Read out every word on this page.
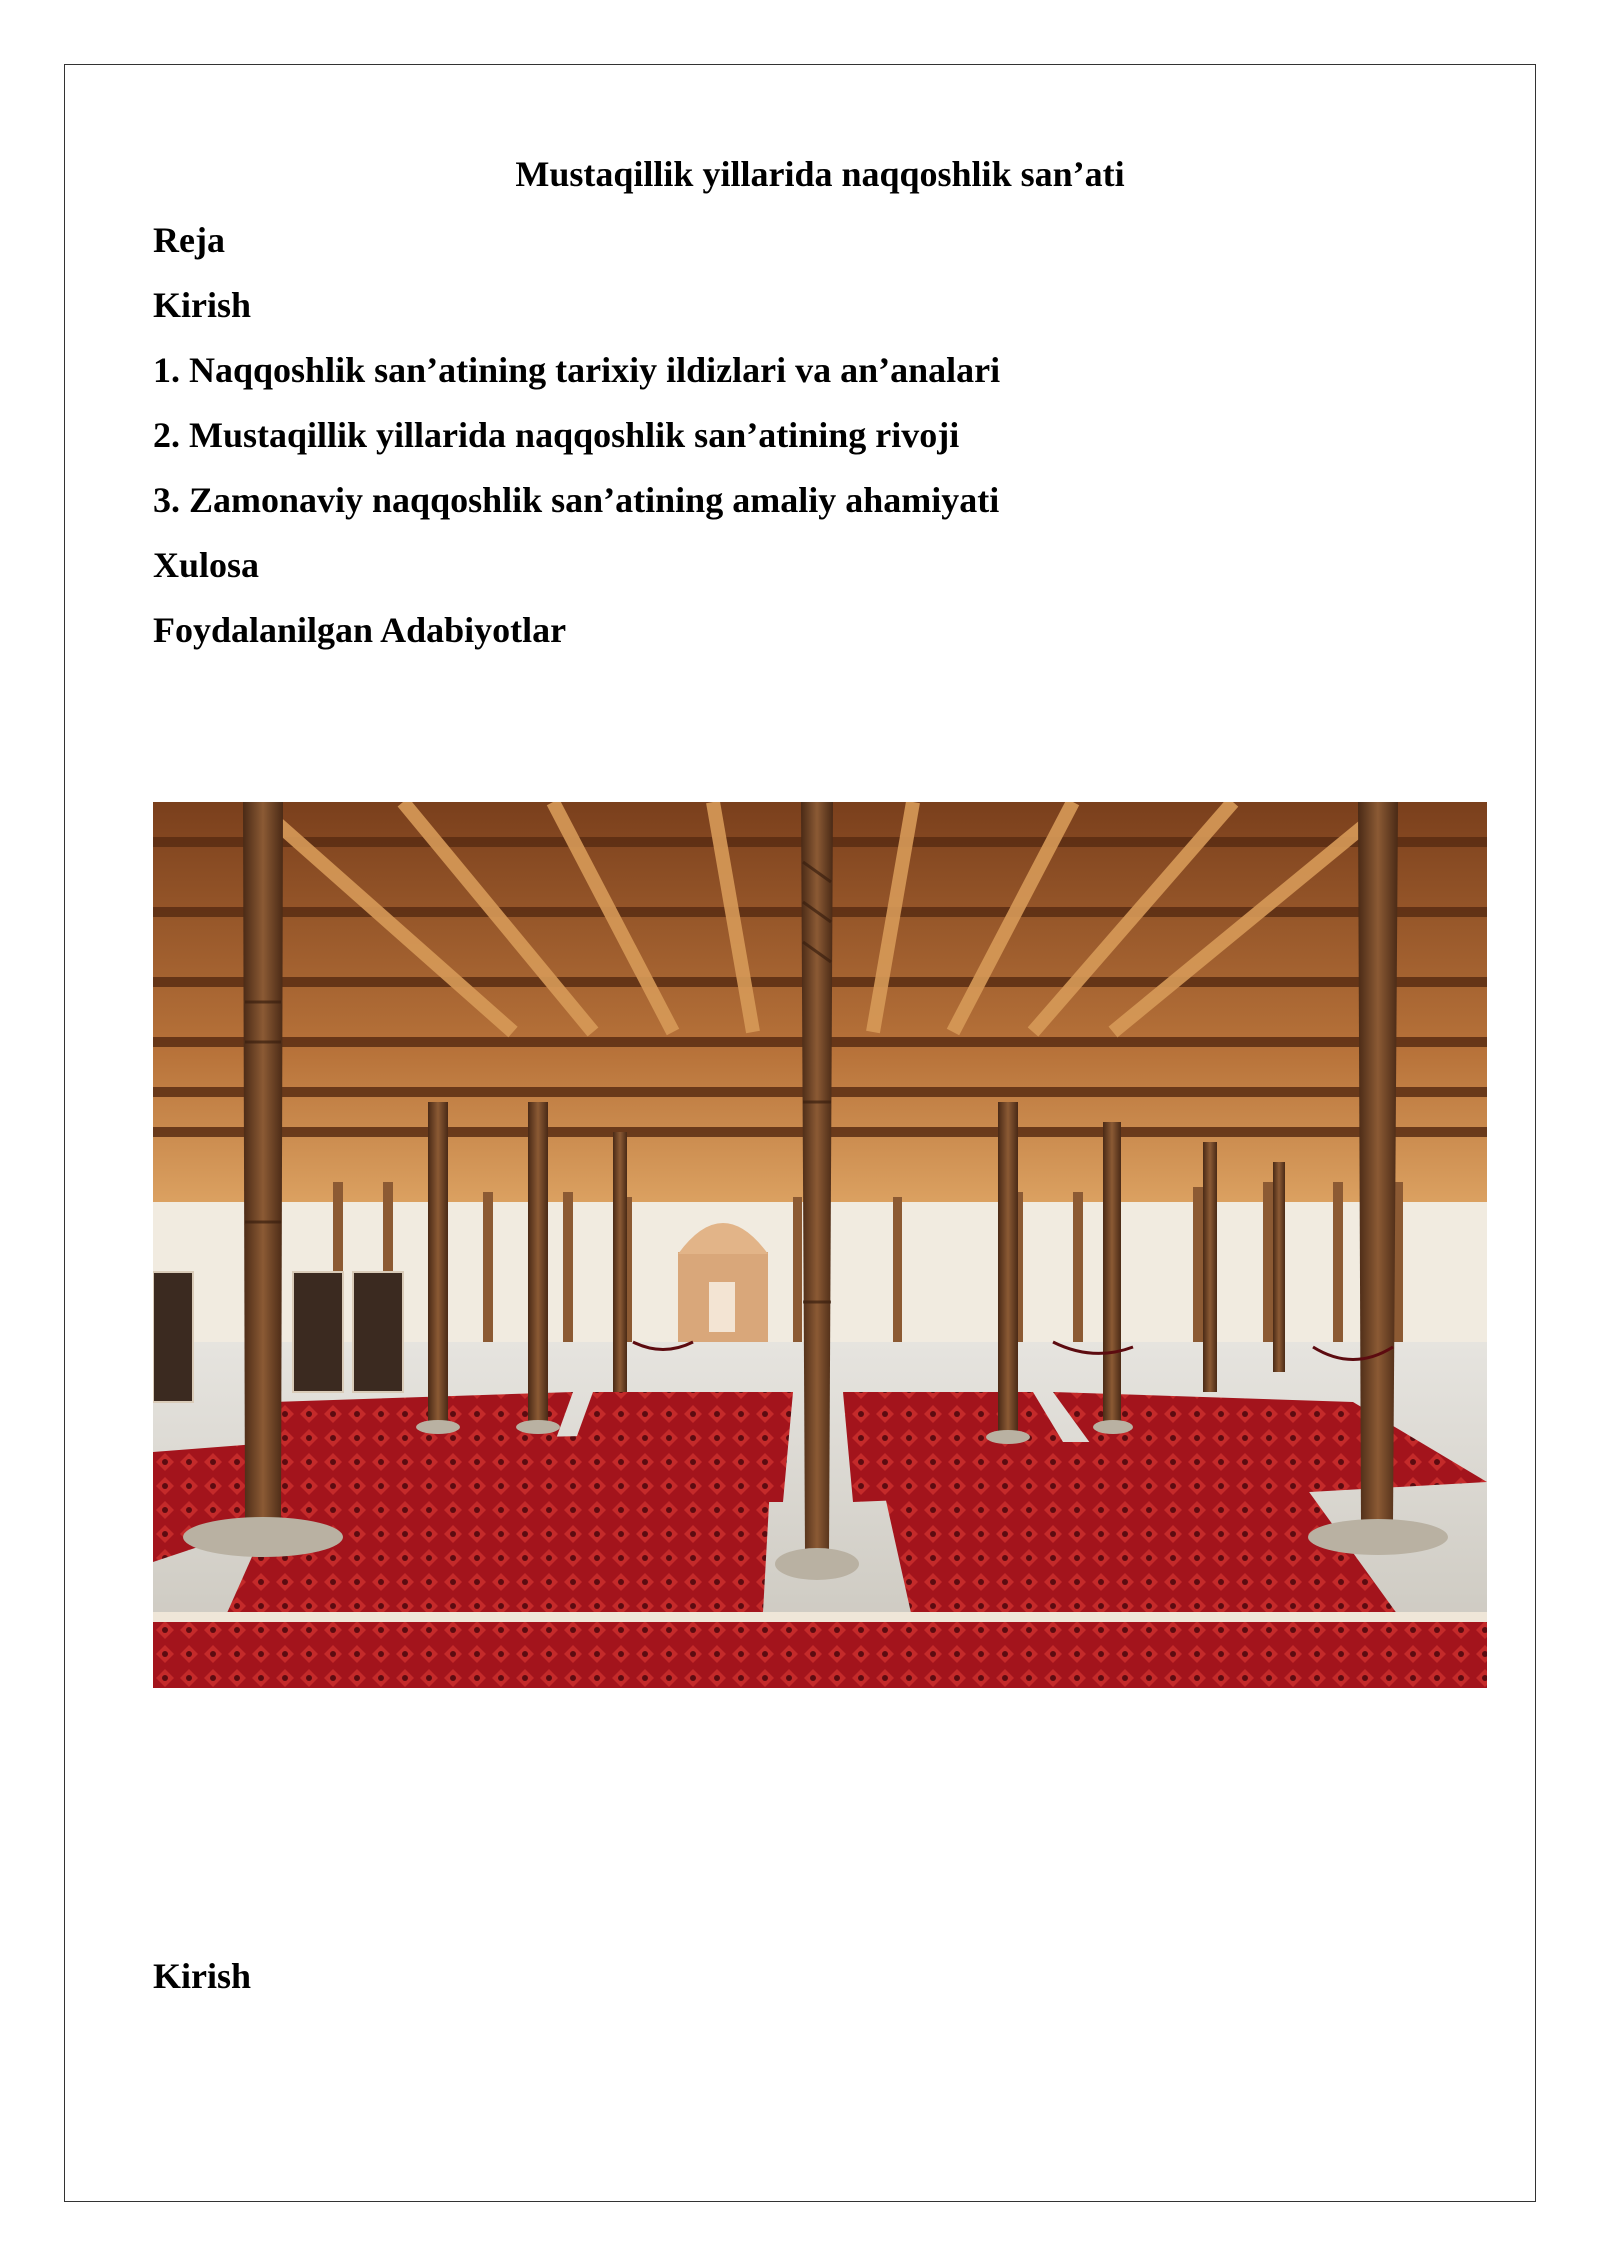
Mustaqillik yillarida naqqoshlik san’ati
Reja
Kirish
1. Naqqoshlik san’atining tarixiy ildizlari va an’analari
2. Mustaqillik yillarida naqqoshlik san’atining rivoji
3. Zamonaviy naqqoshlik san’atining amaliy ahamiyati
Xulosa
Foydalanilgan Adabiyotlar
Kirish
